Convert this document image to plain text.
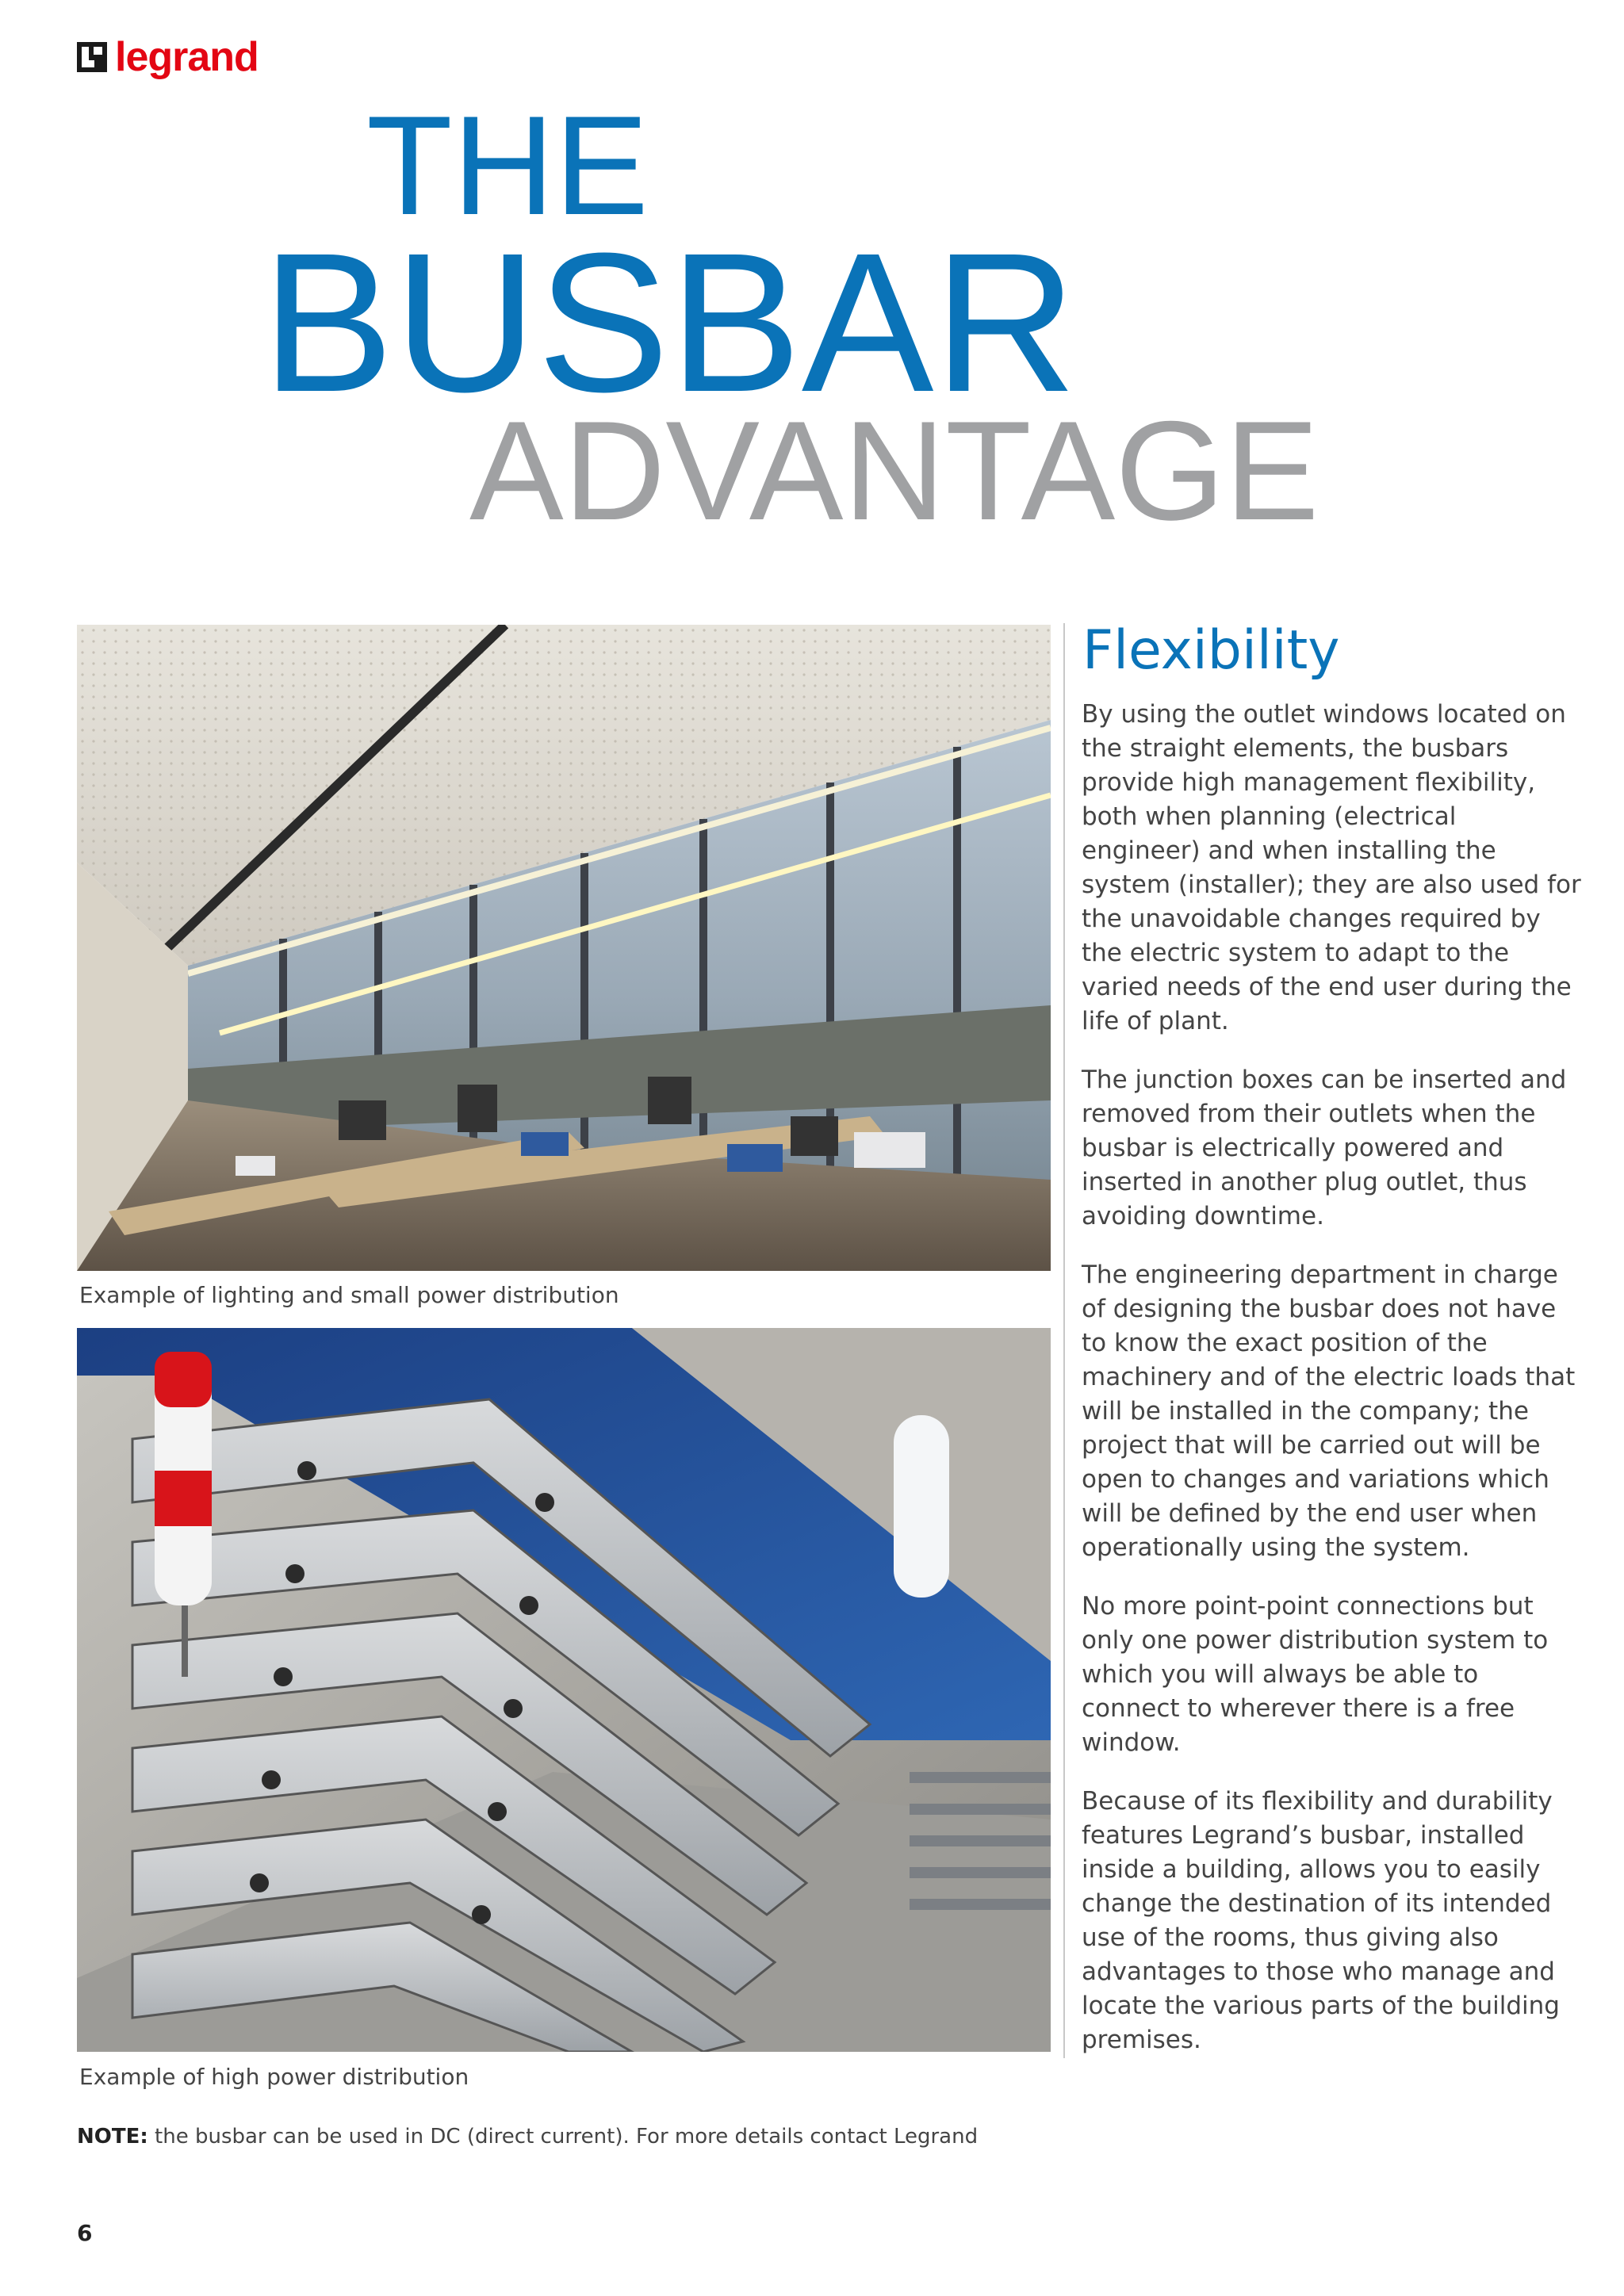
legrand
THE
BUSBAR
ADVANTAGE
Example of lighting and small power distribution
Example of high power distribution
Flexibility

By using the outlet windows located on the straight elements, the busbars provide high management flexibility, both when planning (electrical engineer) and when installing the system (installer); they are also used for the unavoidable changes required by the electric system to adapt to the varied needs of the end user during the life of plant.

The junction boxes can be inserted and removed from their outlets when the busbar is electrically powered and inserted in another plug outlet, thus avoiding downtime.

The engineering department in charge of designing the busbar does not have to know the exact position of the machinery and of the electric loads that will be installed in the company; the project that will be carried out will be open to changes and variations which will be defined by the end user when operationally using the system.

No more point-point connections but only one power distribution system to which you will always be able to connect to wherever there is a free window.

Because of its flexibility and durability features Legrand’s busbar, installed inside a building, allows you to easily change the destination of its intended use of the rooms, thus giving also advantages to those who manage and locate the various parts of the building premises.

NOTE: the busbar can be used in DC (direct current). For more details contact Legrand
6
